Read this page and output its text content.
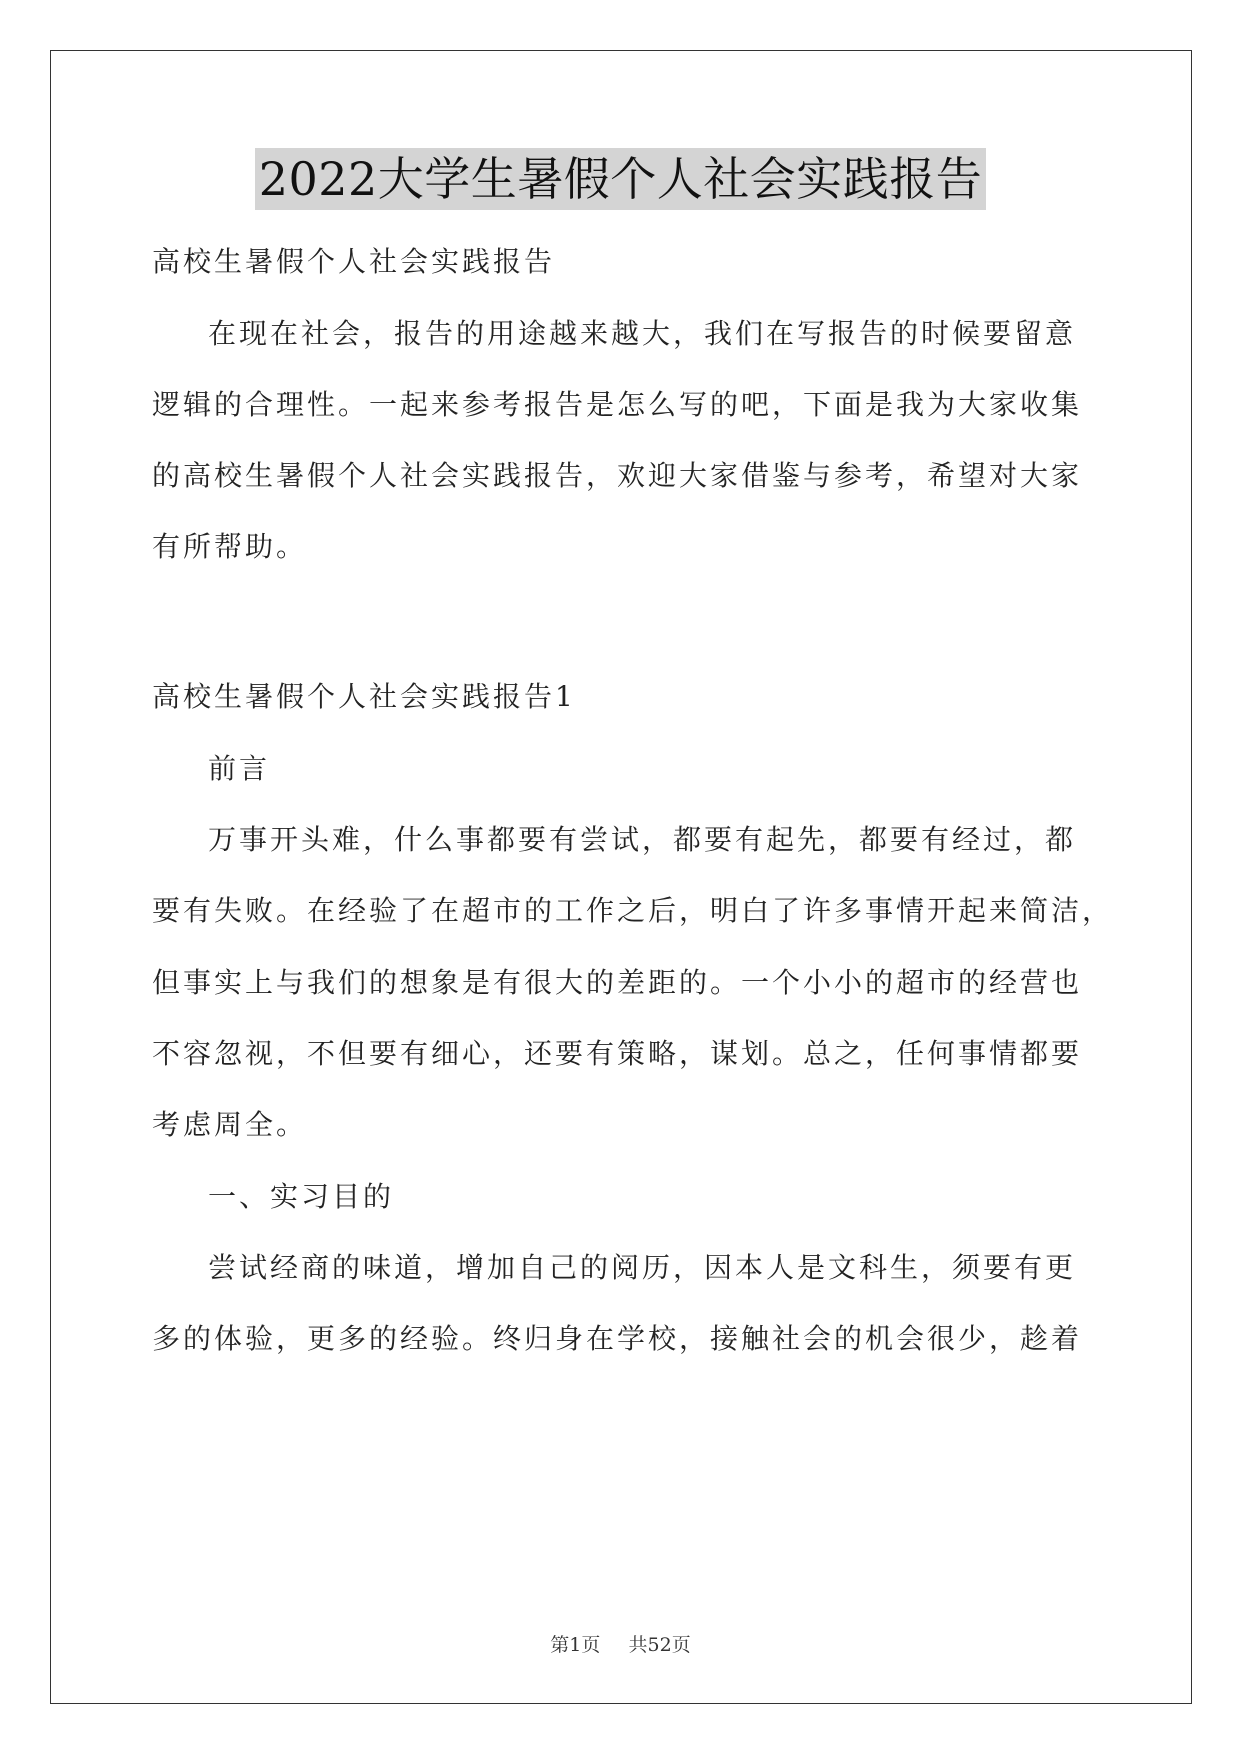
2022大学生暑假个人社会实践报告
高校生暑假个人社会实践报告
在现在社会，报告的用途越来越大，我们在写报告的时候要留意
逻辑的合理性。一起来参考报告是怎么写的吧，下面是我为大家收集
的高校生暑假个人社会实践报告，欢迎大家借鉴与参考，希望对大家
有所帮助。
高校生暑假个人社会实践报告1
前言
万事开头难，什么事都要有尝试，都要有起先，都要有经过，都
要有失败。在经验了在超市的工作之后，明白了许多事情开起来简洁，
但事实上与我们的想象是有很大的差距的。一个小小的超市的经营也
不容忽视，不但要有细心，还要有策略，谋划。总之，任何事情都要
考虑周全。
一、实习目的
尝试经商的味道，增加自己的阅历，因本人是文科生，须要有更
多的体验，更多的经验。终归身在学校，接触社会的机会很少，趁着
第1页 共52页
